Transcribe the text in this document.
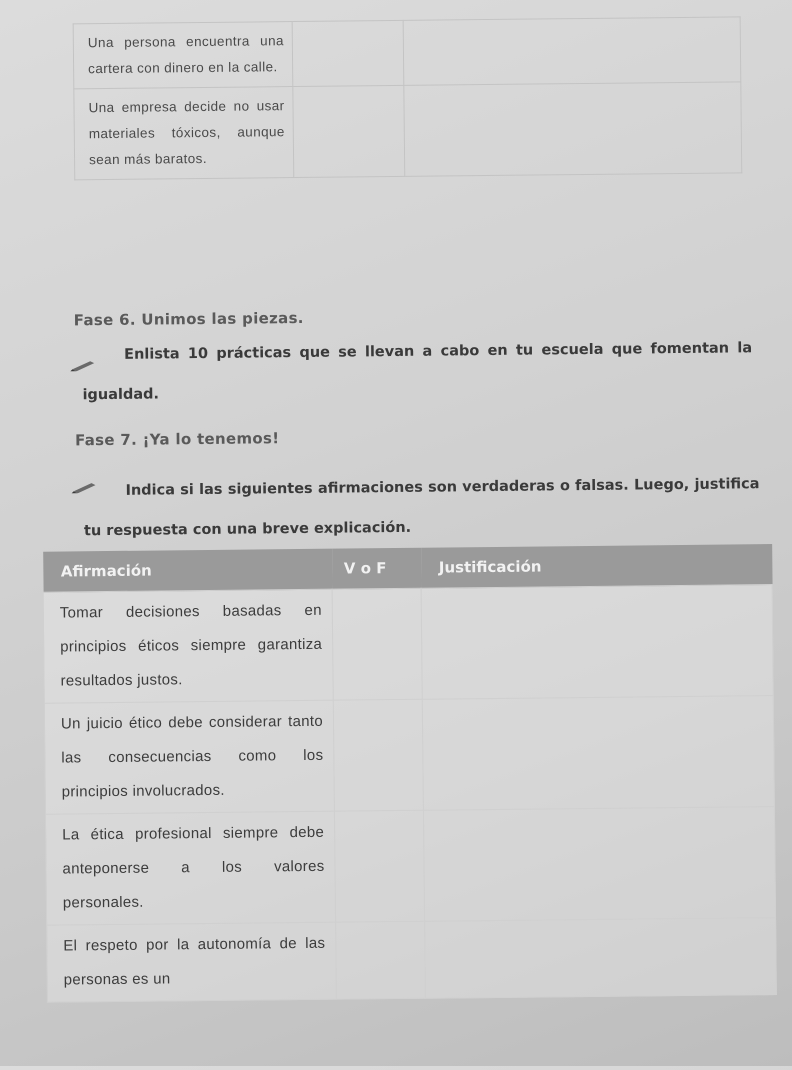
Una persona encuentra una cartera con dinero en la calle.		
Una empresa decide no usar materiales tóxicos, aunque sean más baratos.		
Fase 6. Unimos las piezas.
Enlista 10 prácticas que se llevan a cabo en tu escuela que fomentan la igualdad.
Fase 7. ¡Ya lo tenemos!
Indica si las siguientes afirmaciones son verdaderas o falsas. Luego, justifica tu respuesta con una breve explicación.
Afirmación	V o F	Justificación
Tomar decisiones basadas en principios éticos siempre garantiza resultados justos.		
Un juicio ético debe considerar tanto las consecuencias como los principios involucrados.		
La ética profesional siempre debe anteponerse a los valores personales.		
El respeto por la autonomía de las personas es un		
